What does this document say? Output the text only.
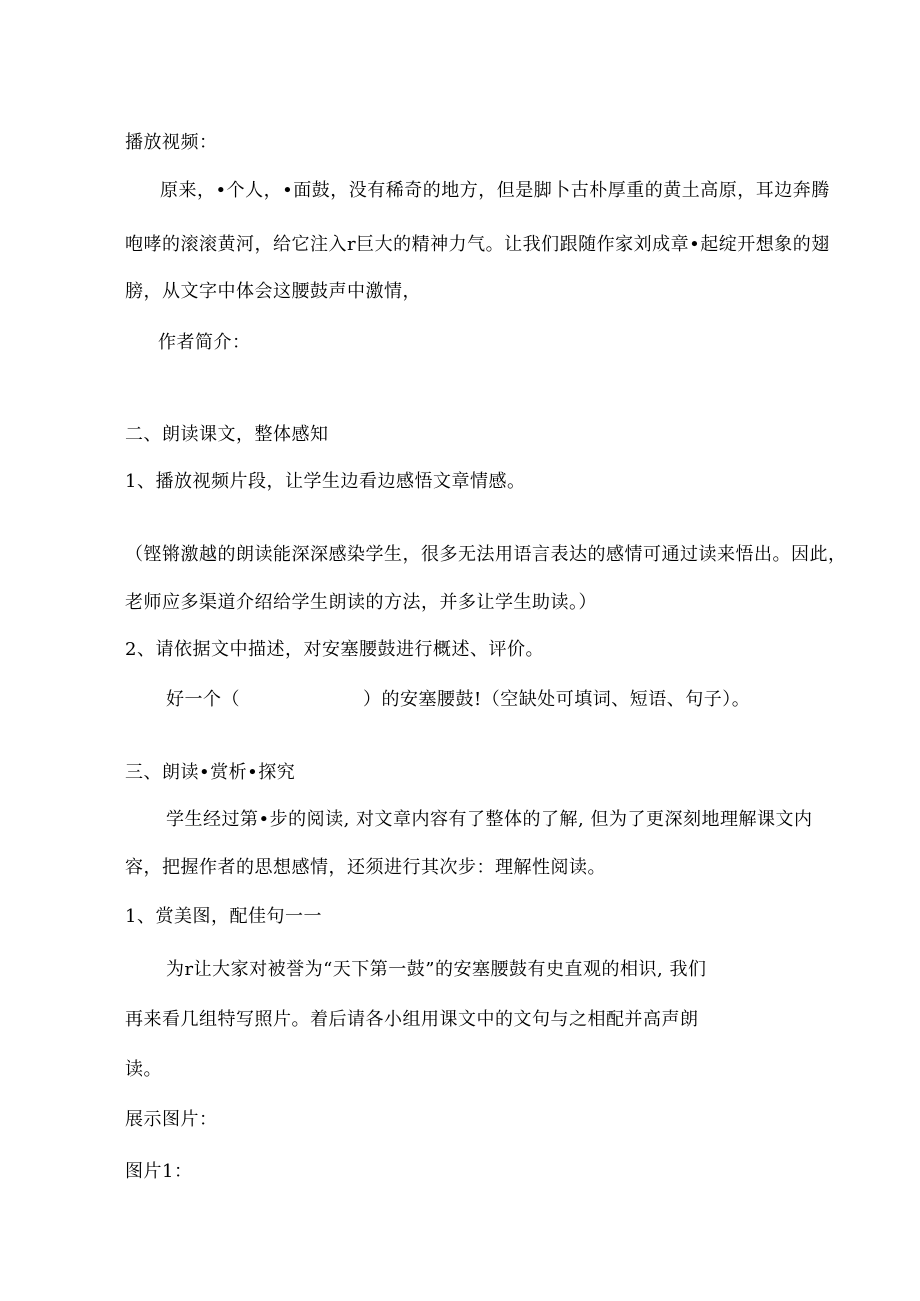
播放视频：

原来，•个人，•面鼓，没有稀奇的地方，但是脚卜古朴厚重的黄土高原，耳边奔腾

咆哮的滚滚黄河，给它注入r巨大的精神力气。让我们跟随作家刘成章•起绽开想象的翅

膀，从文字中体会这腰鼓声中激情，

作者简介：

二、朗读课文，整体感知

1、播放视频片段，让学生边看边感悟文章情感。

（铿锵激越的朗读能深深感染学生，很多无法用语言表达的感情可通过读来悟出。因此，

老师应多渠道介绍给学生朗读的方法，并多让学生助读。）

2、请依据文中描述，对安塞腰鼓进行概述、评价。

好一个（	）的安塞腰鼓!（空缺处可填词、短语、句子）。

三、朗读•赏析•探究

学生经过第•步的阅读, 对文章内容有了整体的了解, 但为了更深刻地理解课文内

容，把握作者的思想感情，还须进行其次步：理解性阅读。

1、赏美图，配佳句一一

为r让大家对被誉为“天下第一鼓”的安塞腰鼓有史直观的相识, 我们

再来看几组特写照片。着后请各小组用课文中的文句与之相配并高声朗

读。

展示图片：

图片1：
